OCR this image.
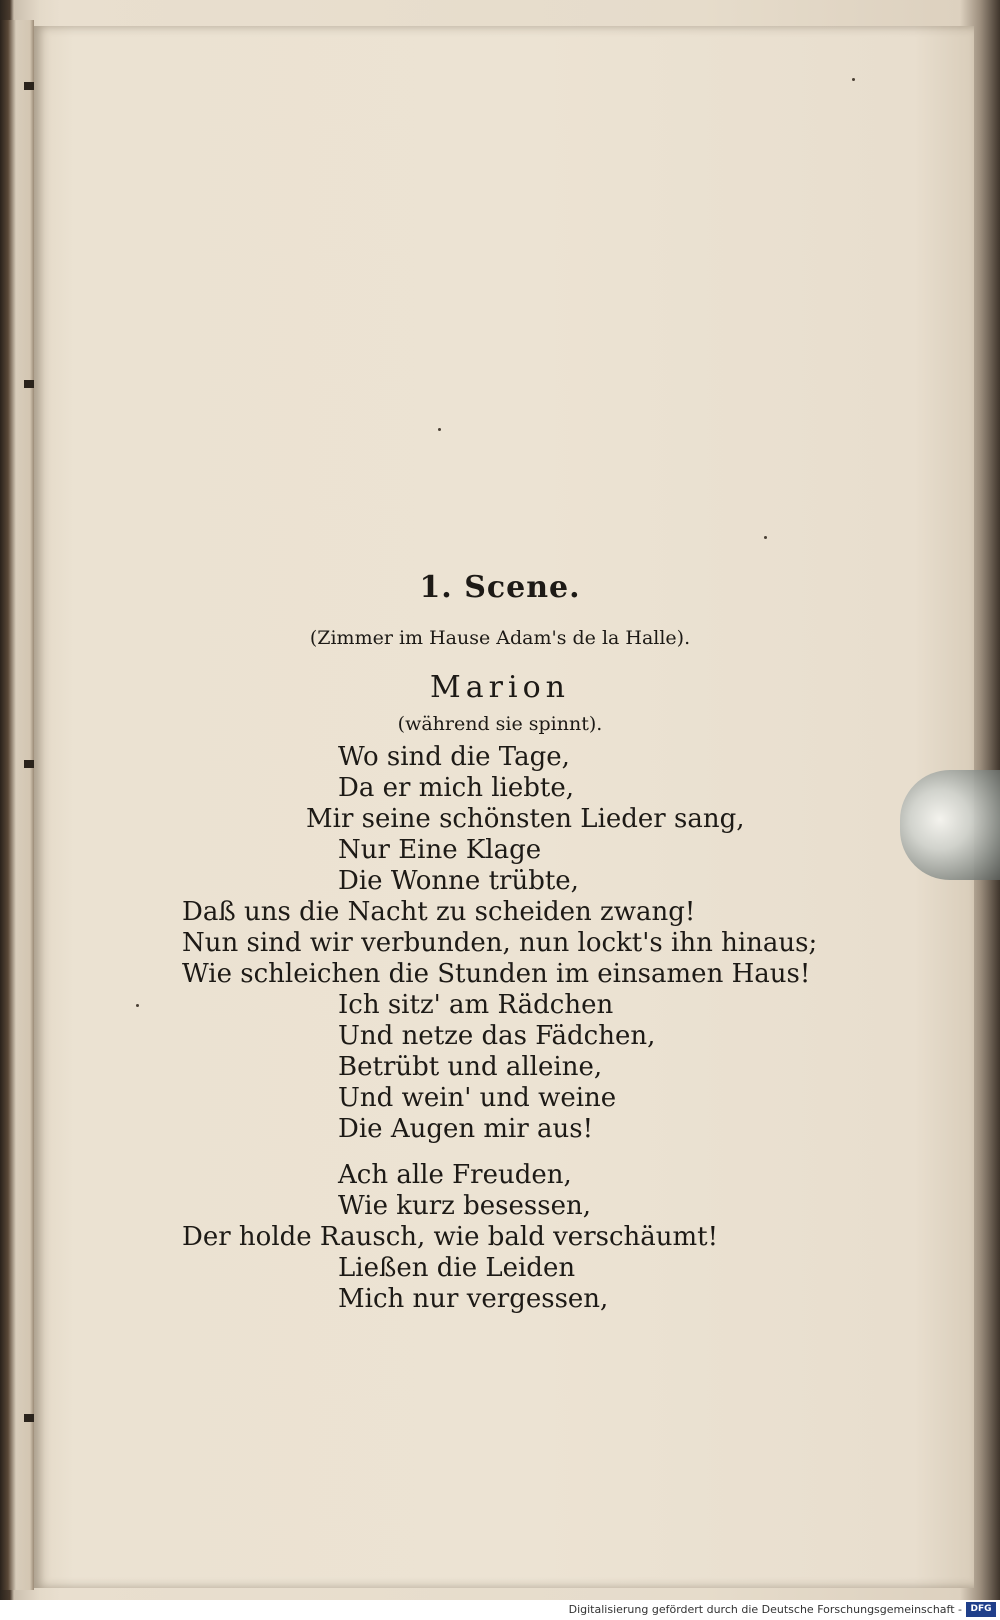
1. Scene.
(Zimmer im Hause Adam's de la Halle).
Marion
(während sie spinnt).
Wo sind die Tage,
Da er mich liebte,
Mir seine schönsten Lieder sang,
Nur Eine Klage
Die Wonne trübte,
Daß uns die Nacht zu scheiden zwang!
Nun sind wir verbunden, nun lockt's ihn hinaus;
Wie schleichen die Stunden im einsamen Haus!
Ich sitz' am Rädchen
Und netze das Fädchen,
Betrübt und alleine,
Und wein' und weine
Die Augen mir aus!
Ach alle Freuden,
Wie kurz besessen,
Der holde Rausch, wie bald verschäumt!
Ließen die Leiden
Mich nur vergessen,
Digitalisierung gefördert durch die Deutsche Forschungsgemeinschaft - DFG
